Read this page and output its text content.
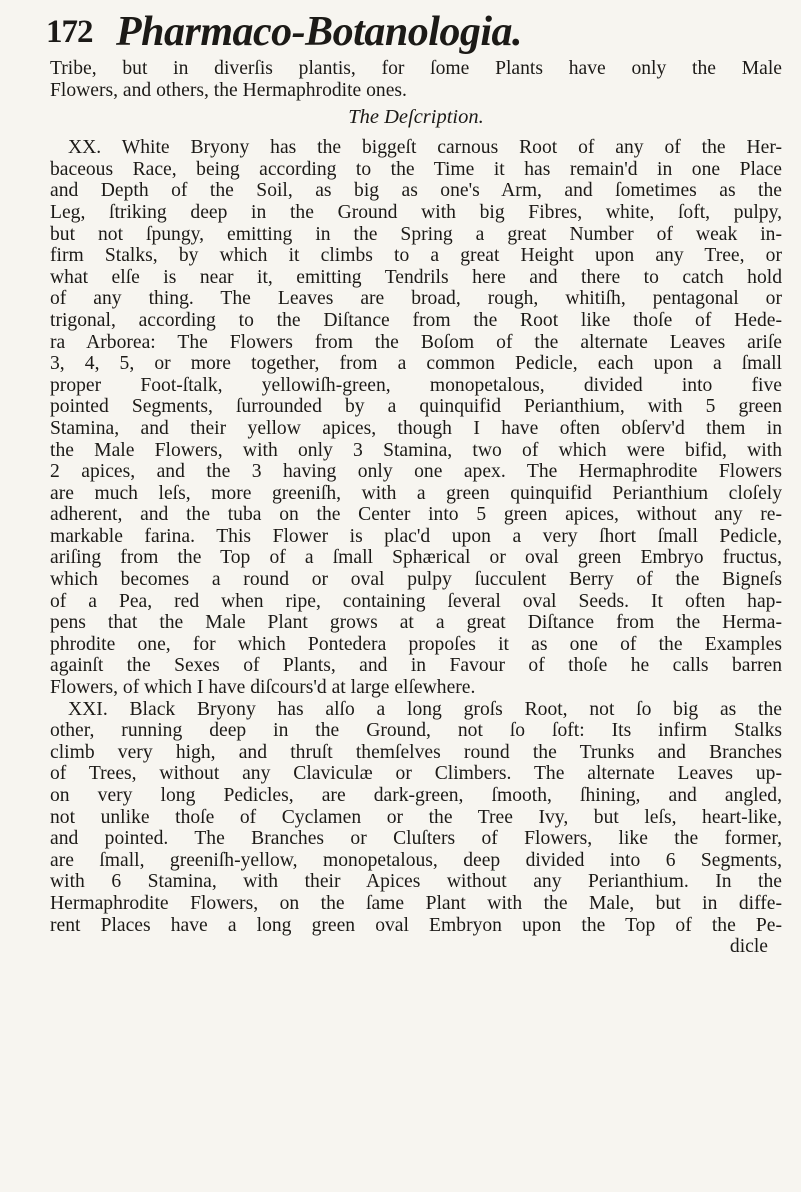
172 Pharmaco-Botanologia.
Tribe, but in diverſis plantis, for ſome Plants have only the Male
Flowers, and others, the Hermaphrodite ones.
The Deſcription.
XX. White Bryony has the biggeſt carnous Root of any of the Her-
baceous Race, being according to the Time it has remain'd in one Place
and Depth of the Soil, as big as one's Arm, and ſometimes as the
Leg, ſtriking deep in the Ground with big Fibres, white, ſoft, pulpy,
but not ſpungy, emitting in the Spring a great Number of weak in-
firm Stalks, by which it climbs to a great Height upon any Tree, or
what elſe is near it, emitting Tendrils here and there to catch hold
of any thing. The Leaves are broad, rough, whitiſh, pentagonal or
trigonal, according to the Diſtance from the Root like thoſe of Hede-
ra Arborea: The Flowers from the Boſom of the alternate Leaves ariſe
3, 4, 5, or more together, from a common Pedicle, each upon a ſmall
proper Foot-ſtalk, yellowiſh-green, monopetalous, divided into five
pointed Segments, ſurrounded by a quinquifid Perianthium, with 5 green
Stamina, and their yellow apices, though I have often obſerv'd them in
the Male Flowers, with only 3 Stamina, two of which were bifid, with
2 apices, and the 3 having only one apex. The Hermaphrodite Flowers
are much leſs, more greeniſh, with a green quinquifid Perianthium cloſely
adherent, and the tuba on the Center into 5 green apices, without any re-
markable farina. This Flower is plac'd upon a very ſhort ſmall Pedicle,
ariſing from the Top of a ſmall Sphærical or oval green Embryo fructus,
which becomes a round or oval pulpy ſucculent Berry of the Bigneſs
of a Pea, red when ripe, containing ſeveral oval Seeds. It often hap-
pens that the Male Plant grows at a great Diſtance from the Herma-
phrodite one, for which Pontedera propoſes it as one of the Examples
againſt the Sexes of Plants, and in Favour of thoſe he calls barren
Flowers, of which I have diſcours'd at large elſewhere.
XXI. Black Bryony has alſo a long groſs Root, not ſo big as the
other, running deep in the Ground, not ſo ſoft: Its infirm Stalks
climb very high, and thruſt themſelves round the Trunks and Branches
of Trees, without any Claviculæ or Climbers. The alternate Leaves up-
on very long Pedicles, are dark-green, ſmooth, ſhining, and angled,
not unlike thoſe of Cyclamen or the Tree Ivy, but leſs, heart-like,
and pointed. The Branches or Cluſters of Flowers, like the former,
are ſmall, greeniſh-yellow, monopetalous, deep divided into 6 Segments,
with 6 Stamina, with their Apices without any Perianthium. In the
Hermaphrodite Flowers, on the ſame Plant with the Male, but in diffe-
rent Places have a long green oval Embryon upon the Top of the Pe-
dicle
